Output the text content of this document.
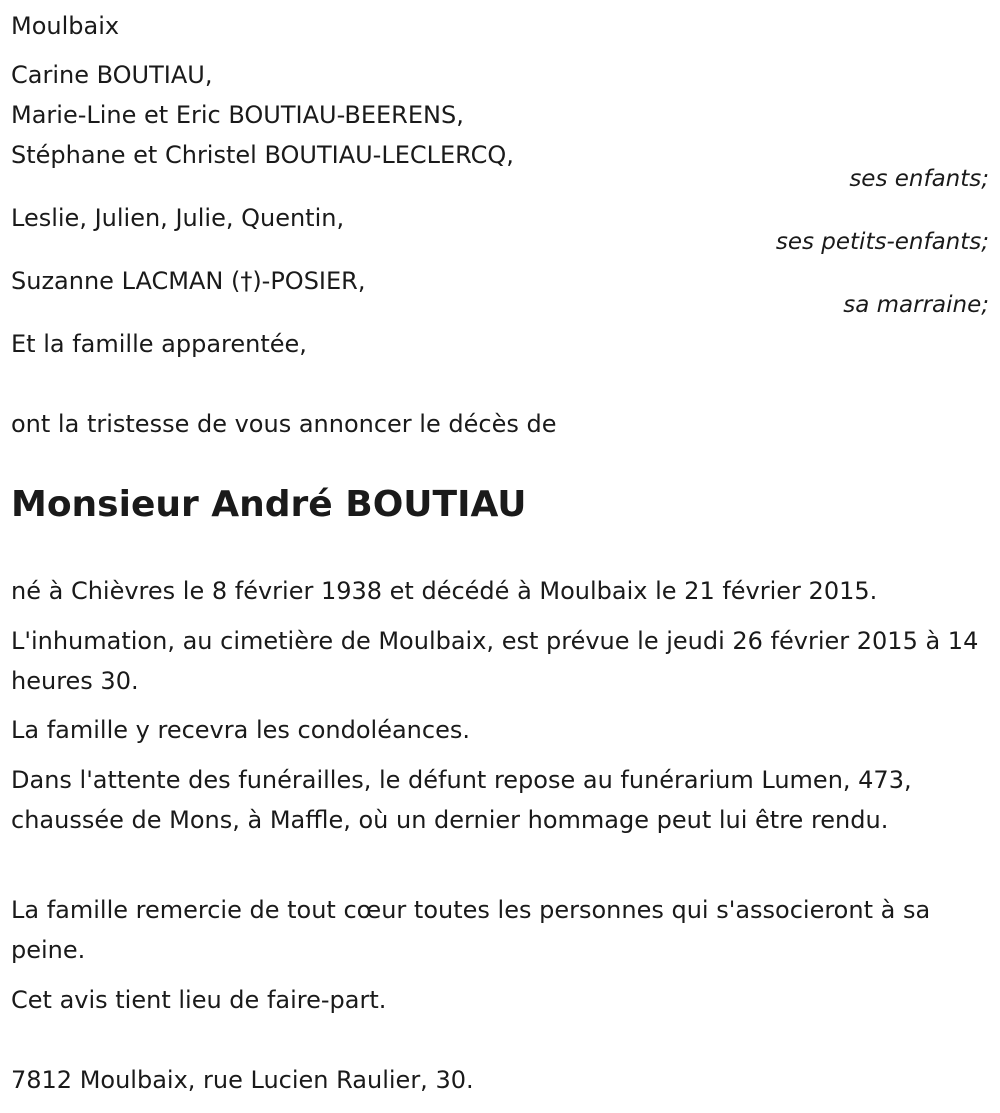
Moulbaix
Carine BOUTIAU,
Marie-Line et Eric BOUTIAU-BEERENS,
Stéphane et Christel BOUTIAU-LECLERCQ,
ses enfants;
Leslie, Julien, Julie, Quentin,
ses petits-enfants;
Suzanne LACMAN (†)-POSIER,
sa marraine;
Et la famille apparentée,
ont la tristesse de vous annoncer le décès de
Monsieur André BOUTIAU
né à Chièvres le 8 février 1938 et décédé à Moulbaix le 21 février 2015.
L'inhumation, au cimetière de Moulbaix, est prévue le jeudi 26 février 2015 à 14 heures 30.
La famille y recevra les condoléances.
Dans l'attente des funérailles, le défunt repose au funérarium Lumen, 473, chaussée de Mons, à Maffle, où un dernier hommage peut lui être rendu.
La famille remercie de tout cœur toutes les personnes qui s'associeront à sa peine.
Cet avis tient lieu de faire-part.
7812 Moulbaix, rue Lucien Raulier, 30.
